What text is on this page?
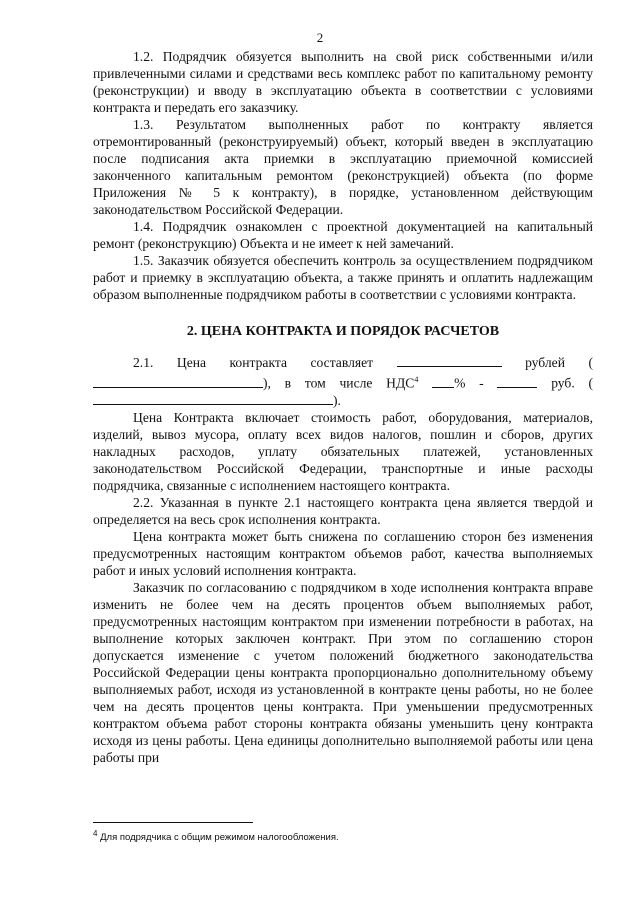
2

1.2. Подрядчик обязуется выполнить на свой риск собственными и/или привлеченными силами и средствами весь комплекс работ по капитальному ремонту (реконструкции) и вводу в эксплуатацию объекта в соответствии с условиями контракта и передать его заказчику.

1.3. Результатом выполненных работ по контракту является отремонтированный (реконструируемый) объект, который введен в эксплуатацию после подписания акта приемки в эксплуатацию приемочной комиссией законченного капитальным ремонтом (реконструкцией) объекта (по форме Приложения № 5 к контракту), в порядке, установленном действующим законодательством Российской Федерации.

1.4. Подрядчик ознакомлен с проектной документацией на капитальный ремонт (реконструкцию) Объекта и не имеет к ней замечаний.

1.5. Заказчик обязуется обеспечить контроль за осуществлением подрядчиком работ и приемку в эксплуатацию объекта, а также принять и оплатить надлежащим образом выполненные подрядчиком работы в соответствии с условиями контракта.

2. ЦЕНА КОНТРАКТА И ПОРЯДОК РАСЧЕТОВ

2.1. Цена контракта составляет	рублей (), в том числе НДС$^4$	% -	руб. ().

Цена Контракта включает стоимость работ, оборудования, материалов, изделий, вывоз мусора, оплату всех видов налогов, пошлин и сборов, других накладных расходов, уплату обязательных платежей, установленных законодательством Российской Федерации, транспортные и иные расходы подрядчика, связанные с исполнением настоящего контракта.

2.2. Указанная в пункте 2.1 настоящего контракта цена является твердой и определяется на весь срок исполнения контракта.

Цена контракта может быть снижена по соглашению сторон без изменения предусмотренных настоящим контрактом объемов работ, качества выполняемых работ и иных условий исполнения контракта.

Заказчик по согласованию с подрядчиком в ходе исполнения контракта вправе изменить не более чем на десять процентов объем выполняемых работ, предусмотренных настоящим контрактом при изменении потребности в работах, на выполнение которых заключен контракт. При этом по соглашению сторон допускается изменение с учетом положений бюджетного законодательства Российской Федерации цены контракта пропорционально дополнительному объему выполняемых работ, исходя из установленной в контракте цены работы, но не более чем на десять процентов цены контракта. При уменьшении предусмотренных контрактом объема работ стороны контракта обязаны уменьшить цену контракта исходя из цены работы. Цена единицы дополнительно выполняемой работы или цена работы при

$^4$ Для подрядчика с общим режимом налогообложения.
